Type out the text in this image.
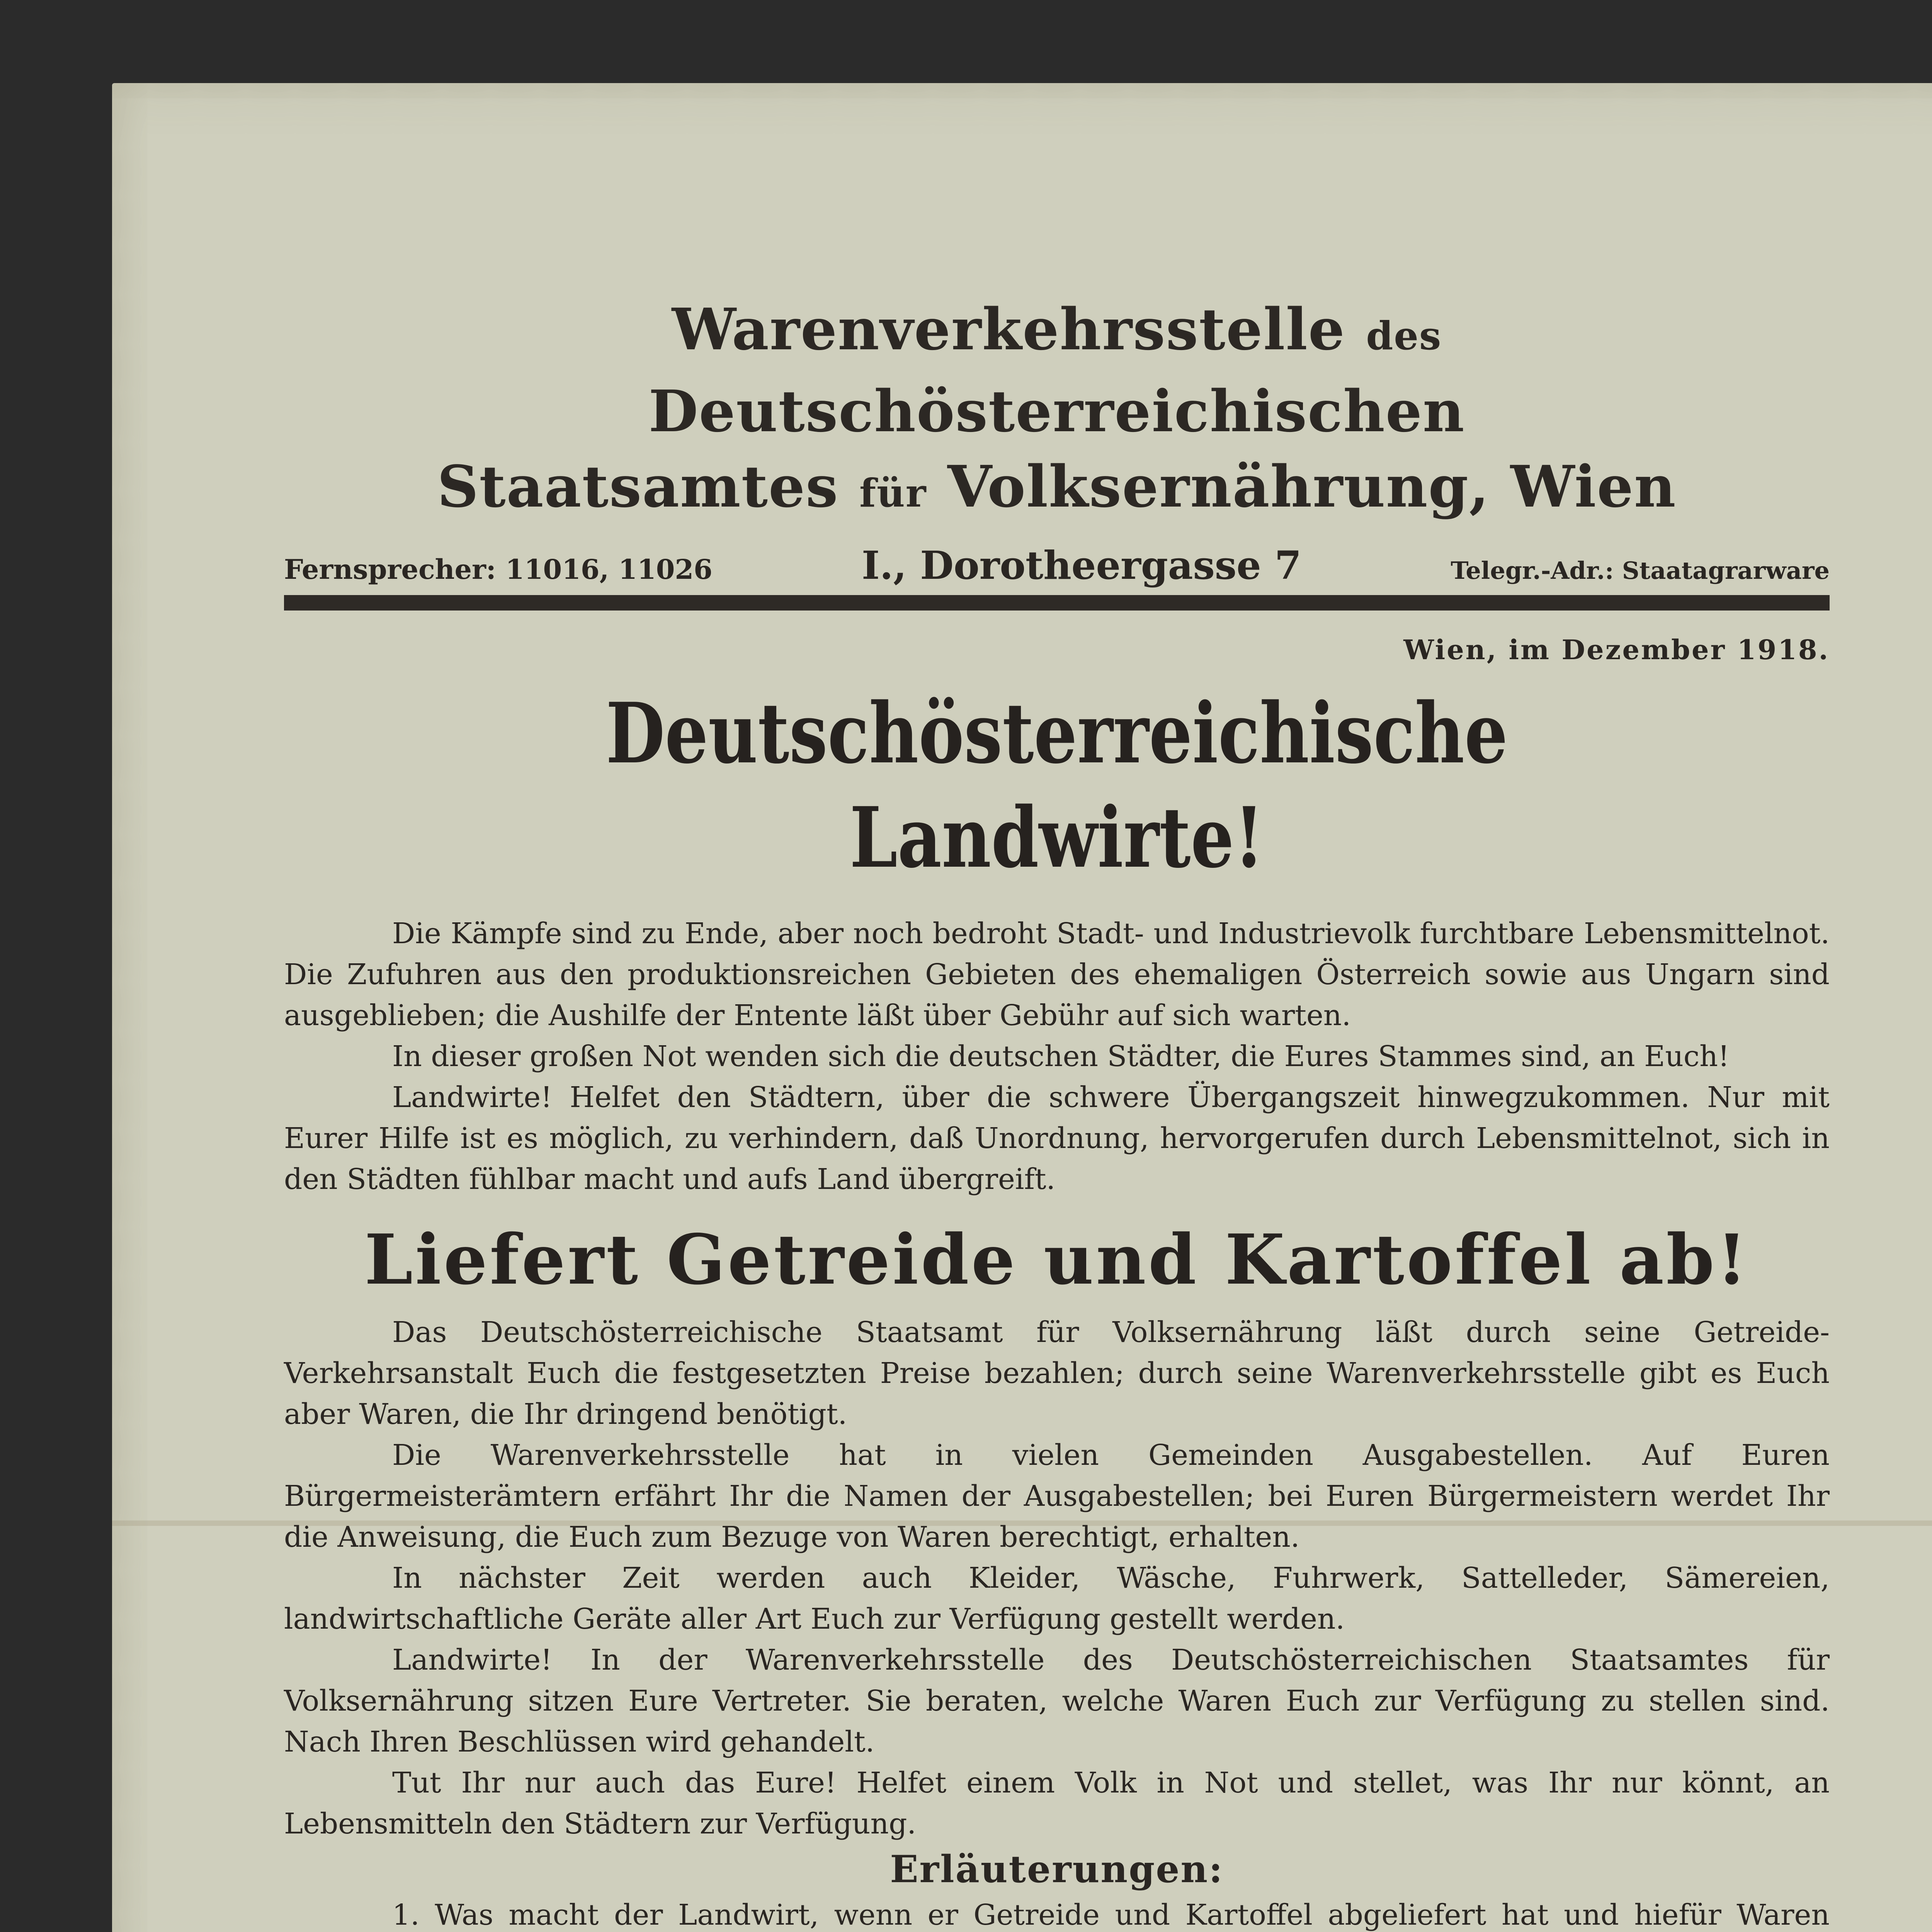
Warenverkehrsstelle des Deutschösterreichischen
Staatsamtes für Volksernährung, Wien
Fernsprecher: 11016, 11026	I., Dorotheergasse 7	Telegr.-Adr.: Staatagrarware
Wien, im Dezember 1918.
Deutschösterreichische Landwirte!

Die Kämpfe sind zu Ende, aber noch bedroht Stadt- und Industrievolk furchtbare Lebensmittelnot. Die Zufuhren aus den produktionsreichen Gebieten des ehemaligen Österreich sowie aus Ungarn sind ausgeblieben; die Aushilfe der Entente läßt über Gebühr auf sich warten.

In dieser großen Not wenden sich die deutschen Städter, die Eures Stammes sind, an Euch!

Landwirte! Helfet den Städtern, über die schwere Übergangszeit hinwegzukommen. Nur mit Eurer Hilfe ist es möglich, zu verhindern, daß Unordnung, hervorgerufen durch Lebensmittelnot, sich in den Städten fühlbar macht und aufs Land übergreift.

Liefert Getreide und Kartoffel ab!

Das Deutschösterreichische Staatsamt für Volksernährung läßt durch seine Getreide-Verkehrsanstalt Euch die festgesetzten Preise bezahlen; durch seine Warenverkehrsstelle gibt es Euch aber Waren, die Ihr dringend benötigt.

Die Warenverkehrsstelle hat in vielen Gemeinden Ausgabestellen. Auf Euren Bürgermeisterämtern erfährt Ihr die Namen der Ausgabestellen; bei Euren Bürgermeistern werdet Ihr die Anweisung, die Euch zum Bezuge von Waren berechtigt, erhalten.

In nächster Zeit werden auch Kleider, Wäsche, Fuhrwerk, Sattelleder, Sämereien, landwirtschaftliche Geräte aller Art Euch zur Verfügung gestellt werden.

Landwirte! In der Warenverkehrsstelle des Deutschösterreichischen Staatsamtes für Volksernährung sitzen Eure Vertreter. Sie beraten, welche Waren Euch zur Verfügung zu stellen sind. Nach Ihren Beschlüssen wird gehandelt.

Tut Ihr nur auch das Eure! Helfet einem Volk in Not und stellet, was Ihr nur könnt, an Lebensmitteln den Städtern zur Verfügung.

Erläuterungen:

1. Was macht der Landwirt, wenn er Getreide und Kartoffel abgeliefert hat und hiefür Waren
